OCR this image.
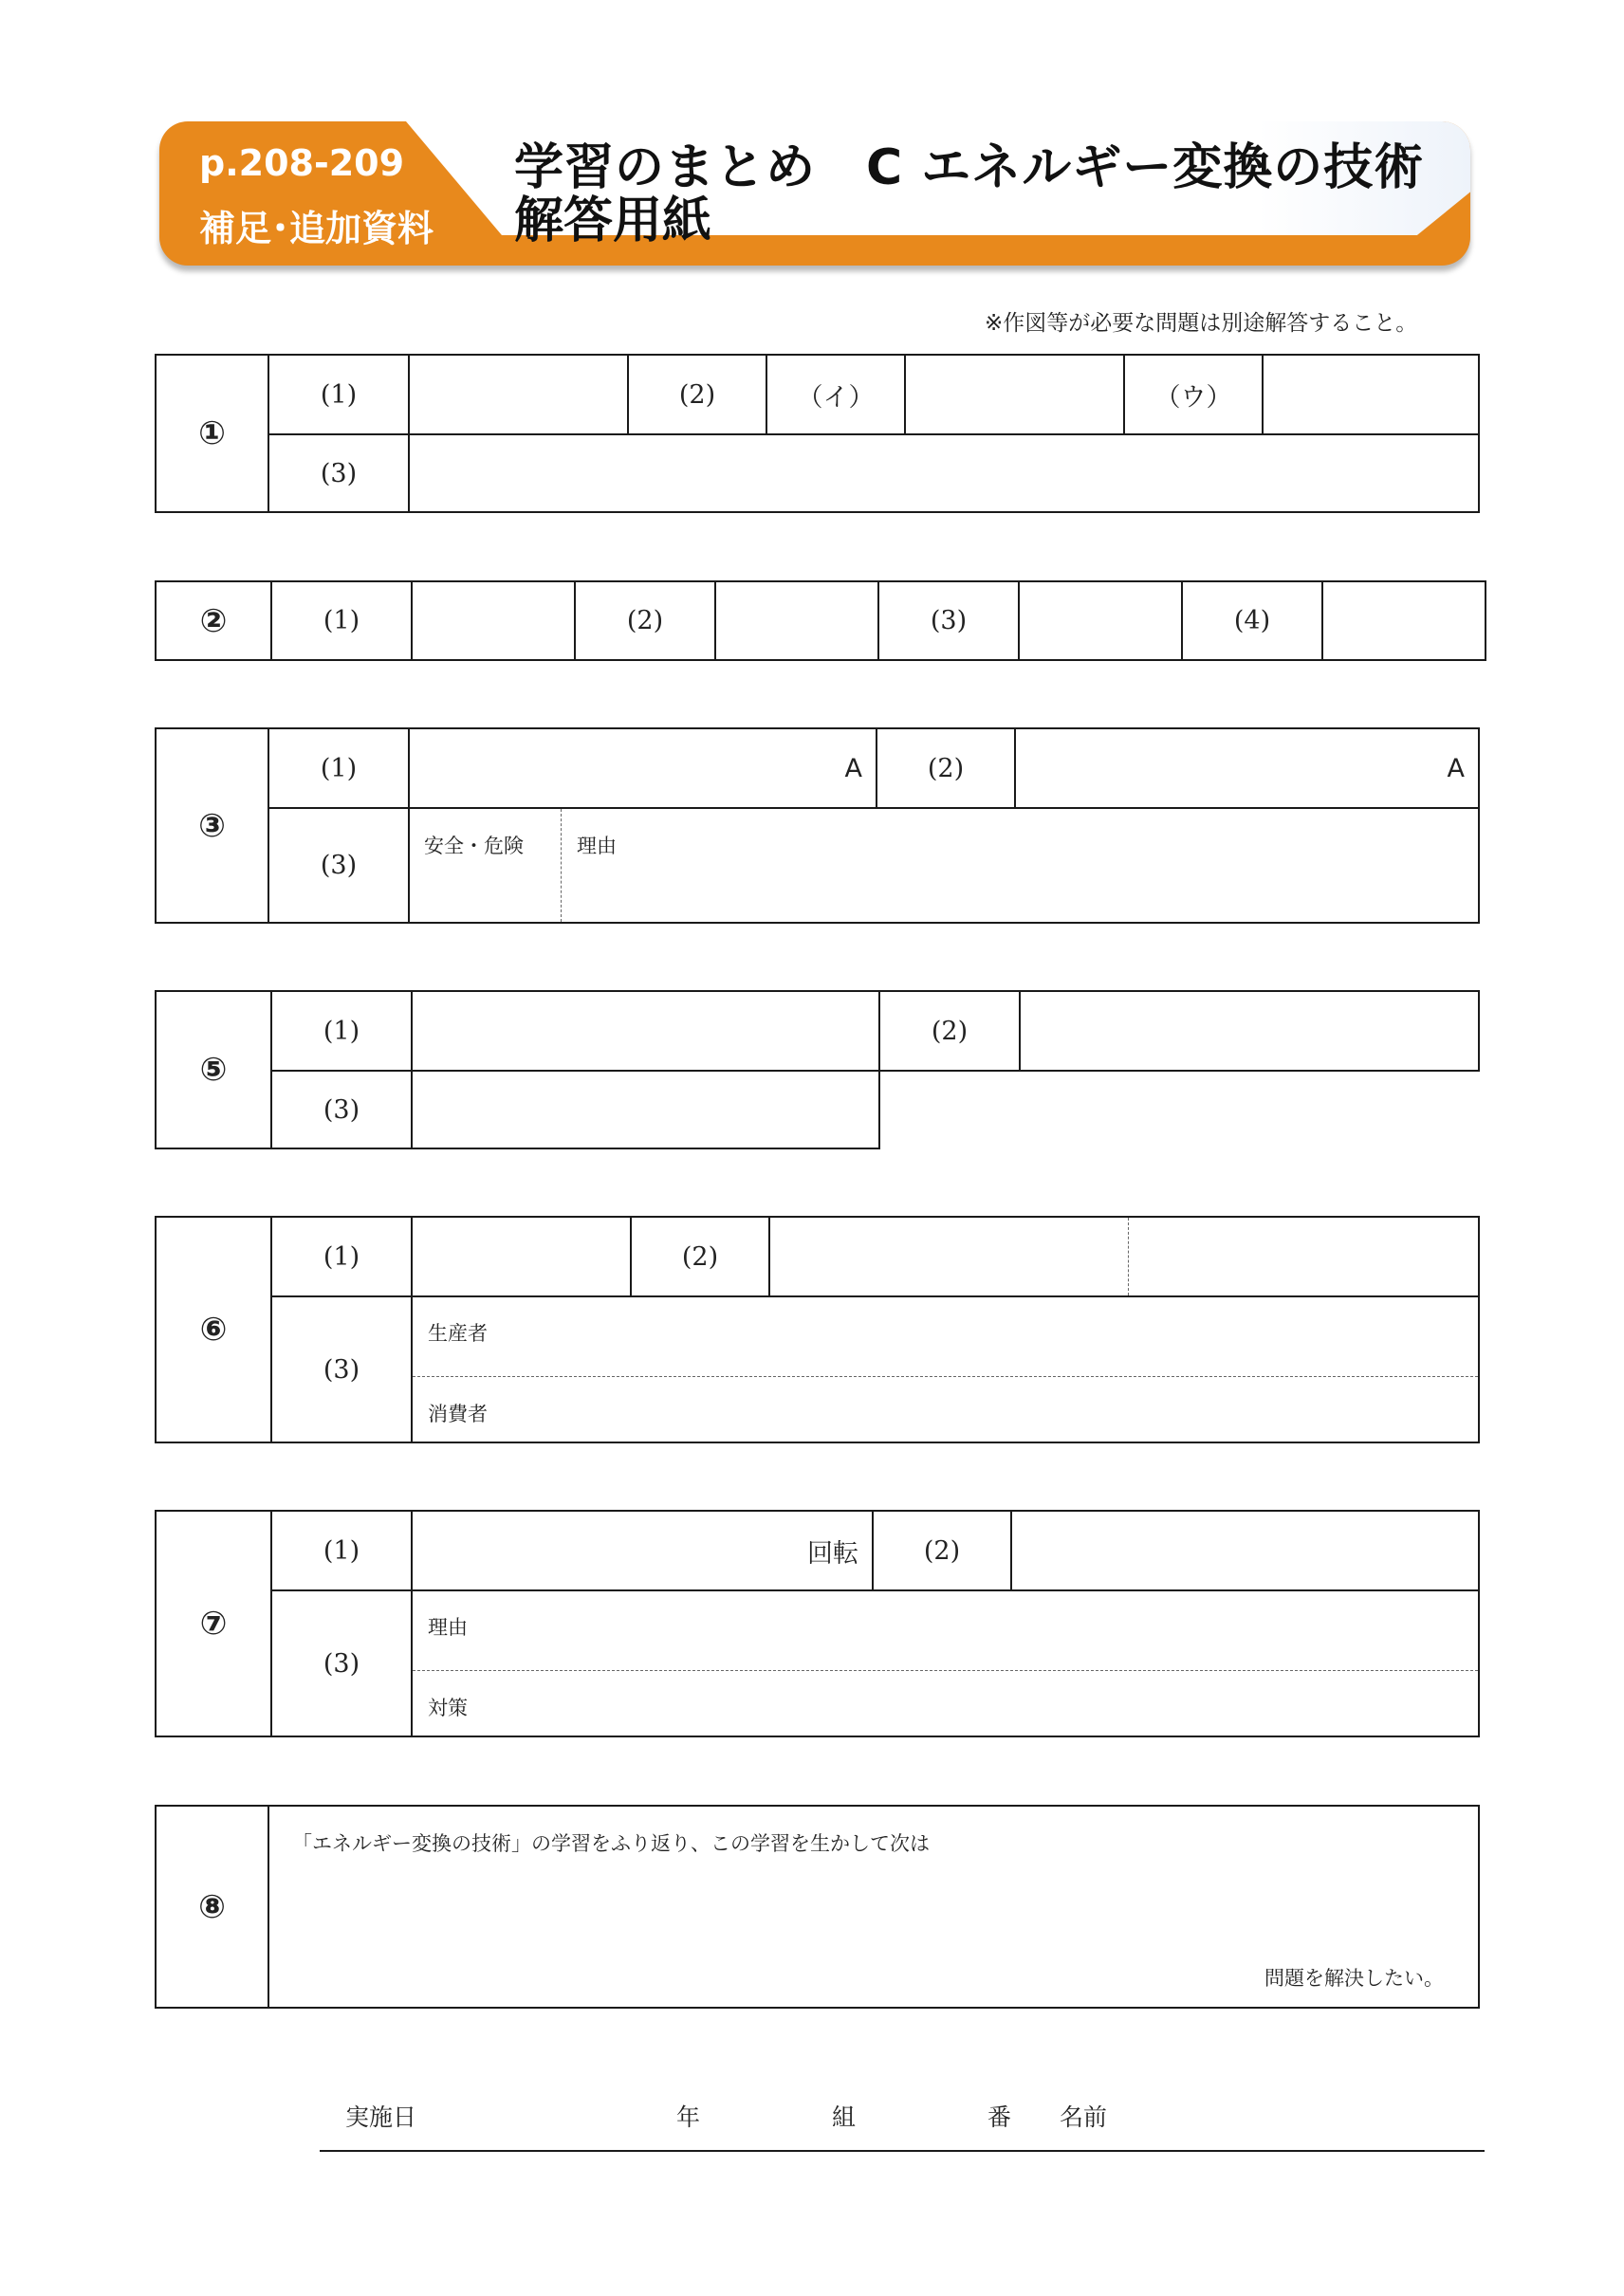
p.208-209
補足･追加資料
学習のまとめ　C エネルギー変換の技術
解答用紙
※作図等が必要な問題は別途解答すること。
①
(1)	(2)	（イ）	（ウ）
(3)
②	(1)	(2)	(3)	(4)
③
(1)	A	(2)	A
(3)
安全・危険	理由
⑤
(1)	(2)
(3)
⑥
(1)	(2)
(3)
生産者
消費者
⑦
(1)	回転	(2)
(3)
理由
対策
⑧
「エネルギー変換の技術」の学習をふり返り、この学習を生かして次は
問題を解決したい。
実施日	年	組	番 名前
